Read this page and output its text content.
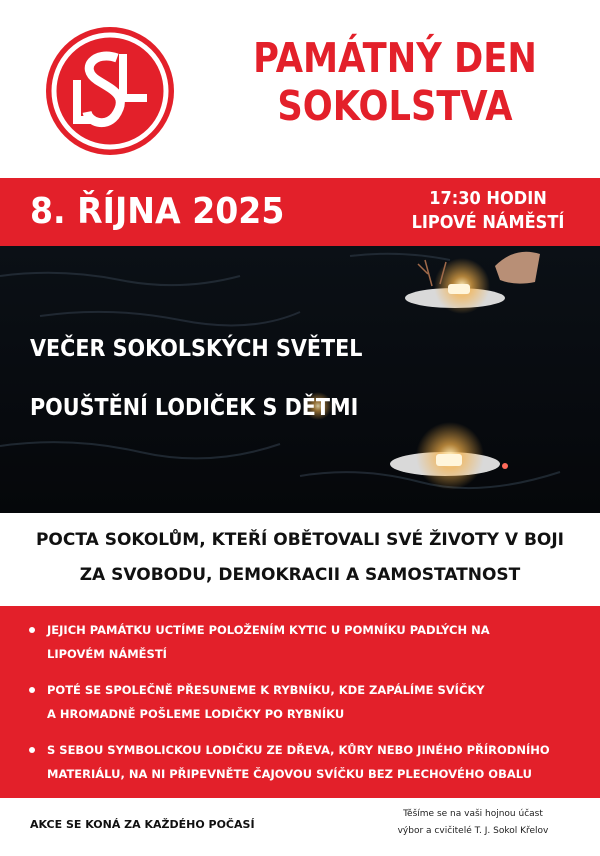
PAMÁTNÝ DEN
SOKOLSTVA
8. ŘÍJNA 2025	17:30 HODIN
LIPOVÉ NÁMĚSTÍ
VEČER SOKOLSKÝCH SVĚTEL
POUŠTĚNÍ LODIČEK S DĚTMI
POCTA SOKOLŮM, KTEŘÍ OBĚTOVALI SVÉ ŽIVOTY V BOJI
ZA SVOBODU, DEMOKRACII A SAMOSTATNOST
JEJICH PAMÁTKU UCTÍME POLOŽENÍM KYTIC U POMNÍKU PADLÝCH NA
LIPOVÉM NÁMĚSTÍ
POTÉ SE SPOLEČNĚ PŘESUNEME K RYBNÍKU, KDE ZAPÁLÍME SVÍČKY
A HROMADNĚ POŠLEME LODIČKY PO RYBNÍKU
S SEBOU SYMBOLICKOU LODIČKU ZE DŘEVA, KŮRY NEBO JINÉHO PŘÍRODNÍHO
MATERIÁLU, NA NI PŘIPEVNĚTE ČAJOVOU SVÍČKU BEZ PLECHOVÉHO OBALU
AKCE SE KONÁ ZA KAŽDÉHO POČASÍ
Těšíme se na vaši hojnou účast
výbor a cvičitelé T. J. Sokol Křelov
